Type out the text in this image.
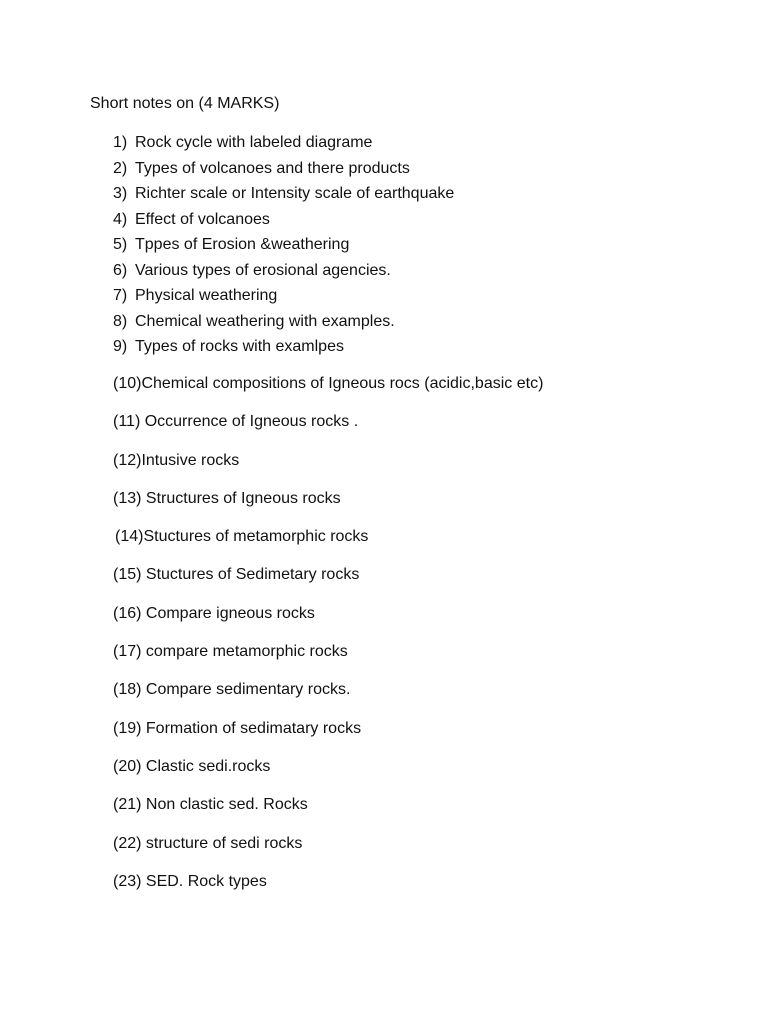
Short notes on (4 MARKS)
1) Rock cycle with labeled diagrame
2) Types of volcanoes and there products
3) Richter scale or Intensity scale of earthquake
4) Effect of volcanoes
5) Tppes of Erosion &weathering
6) Various types of erosional agencies.
7) Physical weathering
8) Chemical weathering with examples.
9) Types of rocks with examlpes
(10)Chemical compositions of Igneous rocs (acidic,basic etc)
(11) Occurrence of Igneous rocks .
(12)Intusive rocks
(13) Structures of Igneous rocks
(14)Stuctures of metamorphic rocks
(15) Stuctures of Sedimetary rocks
(16) Compare igneous rocks
(17) compare metamorphic rocks
(18) Compare sedimentary rocks.
(19) Formation of sedimatary rocks
(20) Clastic sedi.rocks
(21) Non clastic sed. Rocks
(22) structure of sedi rocks
(23) SED. Rock types
